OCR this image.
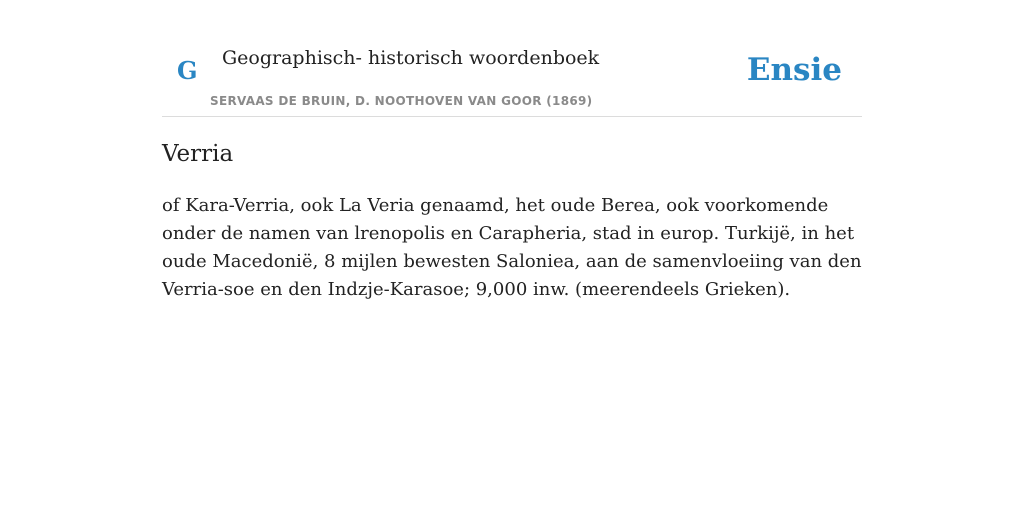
G Geographisch- historisch woordenboek
SERVAAS DE BRUIN, D. NOOTHOVEN VAN GOOR (1869)
Ensie
Verria

of Kara-Verria, ook La Veria genaamd, het oude Berea, ook voorkomende onder de namen van lrenopolis en Carapheria, stad in europ. Turkijë, in het oude Macedonië, 8 mijlen bewesten Saloniea, aan de samenvloeiing van den Verria-soe en den Indzje-Karasoe; 9,000 inw. (meerendeels Grieken).
